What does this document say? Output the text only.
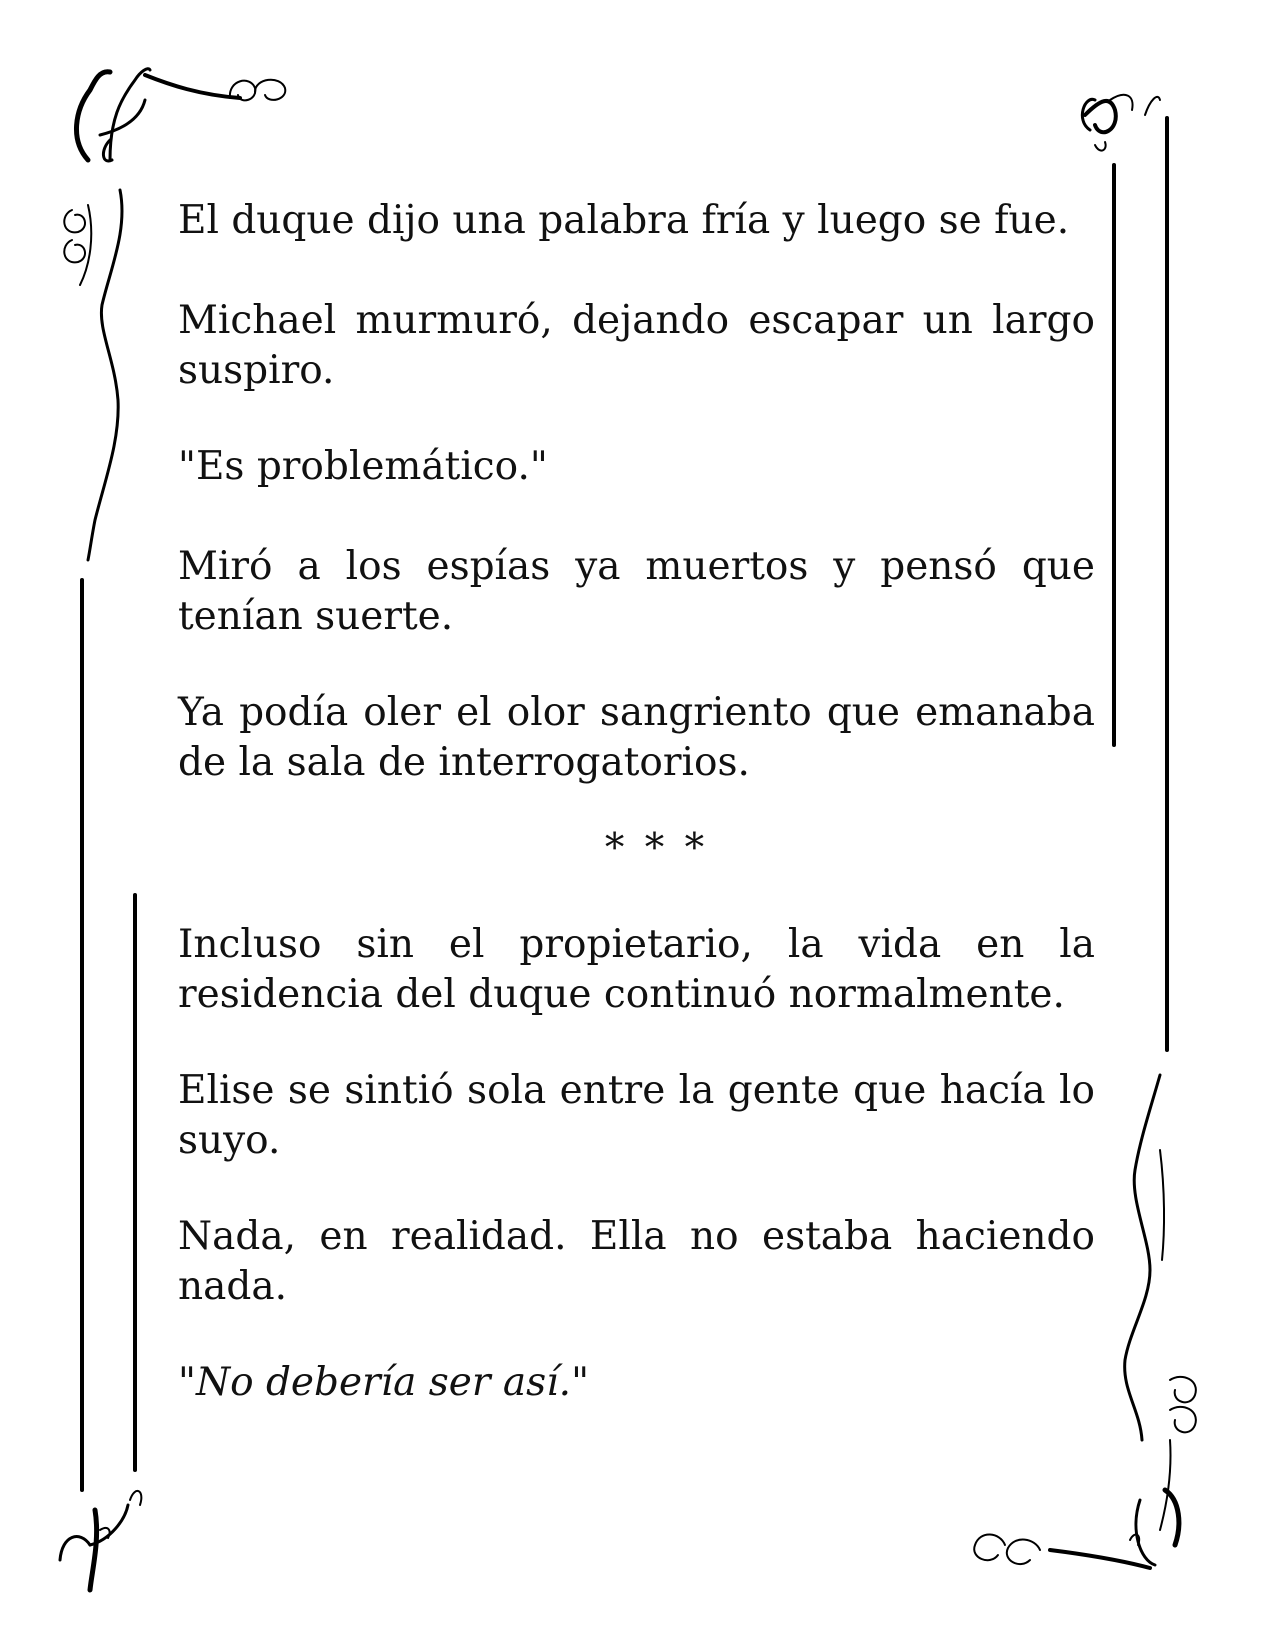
El duque dijo una palabra fría y luego se fue.

Michael murmuró, dejando escapar un largo suspiro.

"Es problemático."

Miró a los espías ya muertos y pensó que tenían suerte.

Ya podía oler el olor sangriento que emanaba de la sala de interrogatorios.

* * *

Incluso sin el propietario, la vida en la residencia del duque continuó normalmente.

Elise se sintió sola entre la gente que hacía lo suyo.

Nada, en realidad. Ella no estaba haciendo nada.

"No debería ser así."
